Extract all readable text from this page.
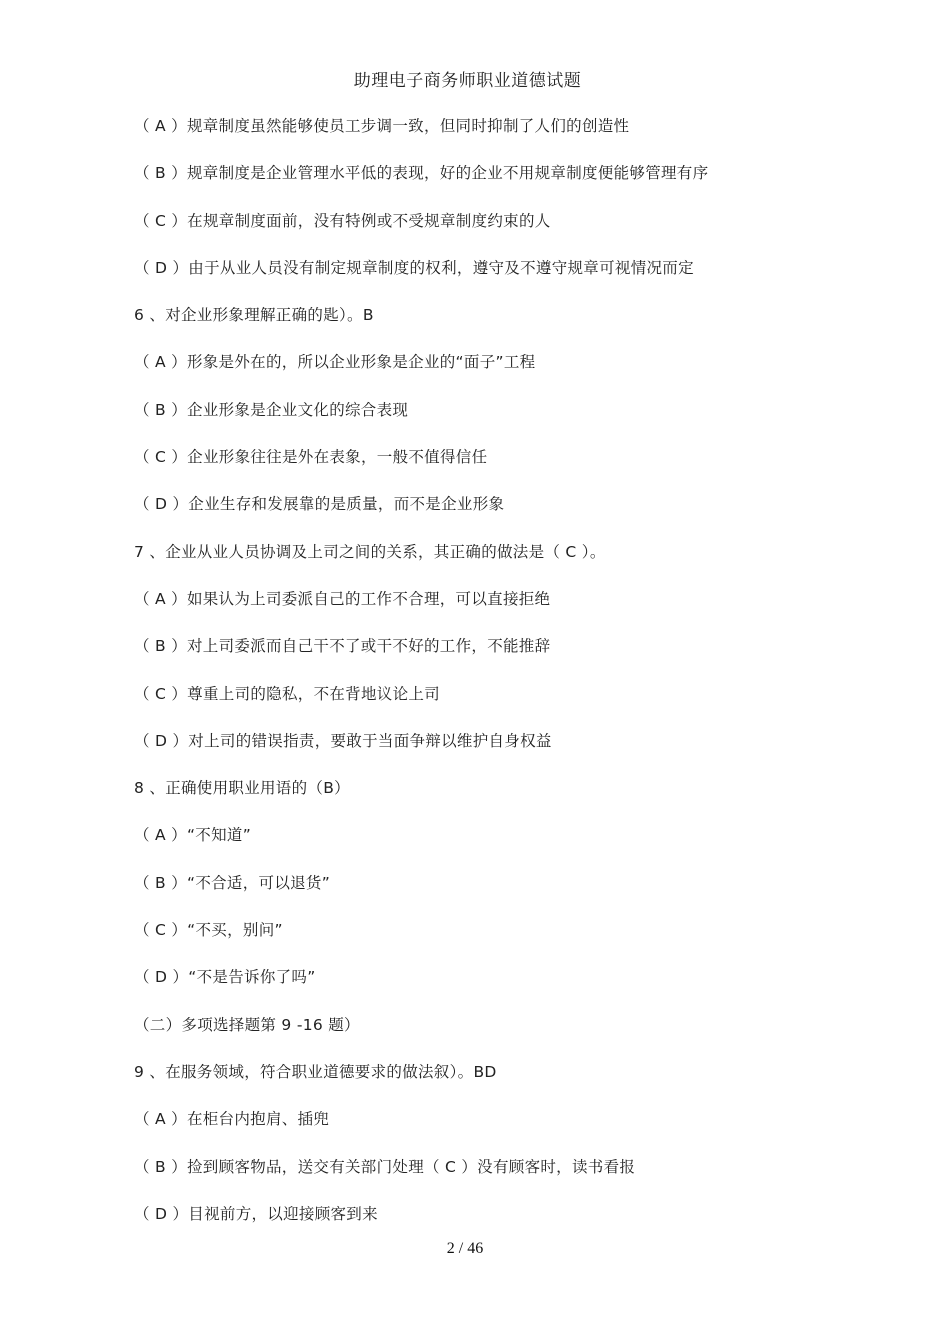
助理电子商务师职业道德试题
（ A ）规章制度虽然能够使员工步调一致，但同时抑制了人们的创造性
（ B ）规章制度是企业管理水平低的表现，好的企业不用规章制度便能够管理有序
（ C ）在规章制度面前，没有特例或不受规章制度约束的人
（ D ）由于从业人员没有制定规章制度的权利，遵守及不遵守规章可视情况而定
6 、对企业形象理解正确的匙）。B
（ A ）形象是外在的，所以企业形象是企业的“面子”工程
（ B ）企业形象是企业文化的综合表现
（ C ）企业形象往往是外在表象，一般不值得信任
（ D ）企业生存和发展靠的是质量，而不是企业形象
7 、企业从业人员协调及上司之间的关系，其正确的做法是（ C ）。
（ A ）如果认为上司委派自己的工作不合理，可以直接拒绝
（ B ）对上司委派而自己干不了或干不好的工作，不能推辞
（ C ）尊重上司的隐私，不在背地议论上司
（ D ）对上司的错误指责，要敢于当面争辩以维护自身权益
8 、正确使用职业用语的（B）
（ A ）“不知道”
（ B ）“不合适，可以退货”
（ C ）“不买，别问”
（ D ）“不是告诉你了吗”
（二）多项选择题第 9 -16 题）
9 、在服务领域，符合职业道德要求的做法叙）。BD
（ A ）在柜台内抱肩、插兜
（ B ）捡到顾客物品，送交有关部门处理（ C ）没有顾客时，读书看报
（ D ）目视前方，以迎接顾客到来
2 / 46
